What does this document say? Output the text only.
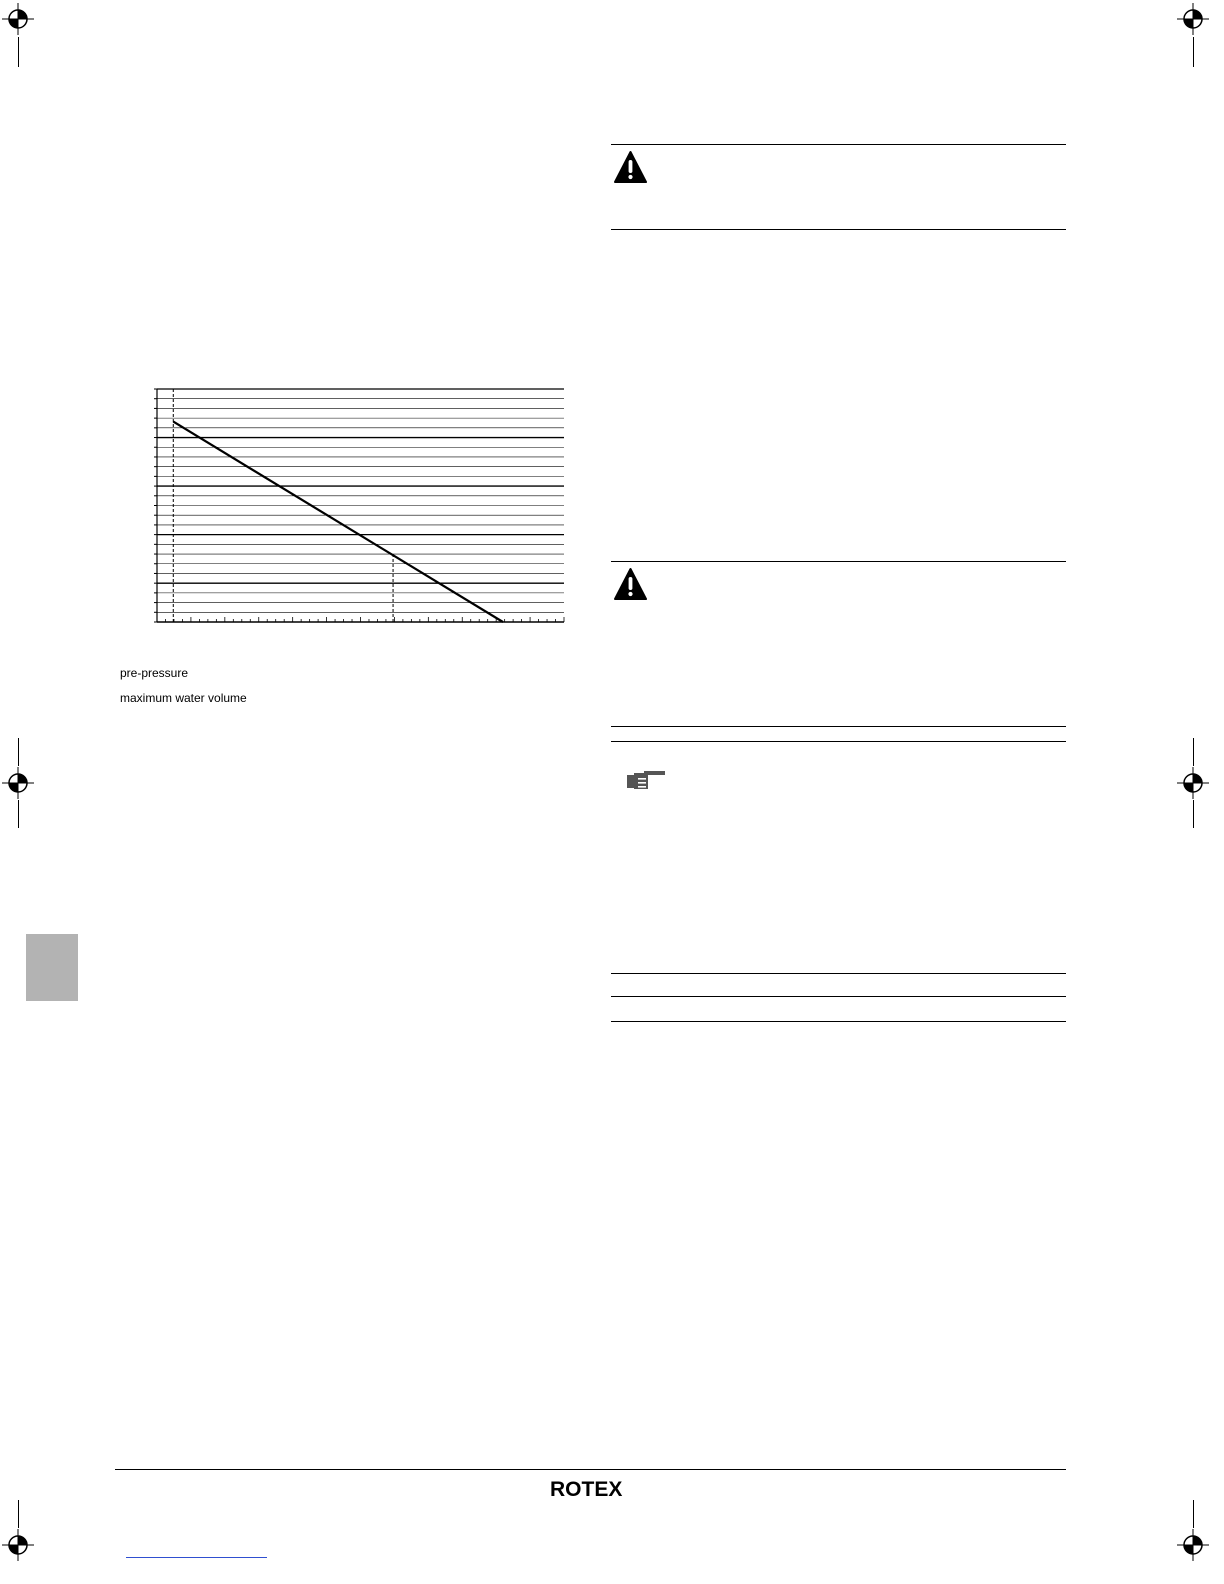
pre-pressure
maximum water volume
ROTEX
